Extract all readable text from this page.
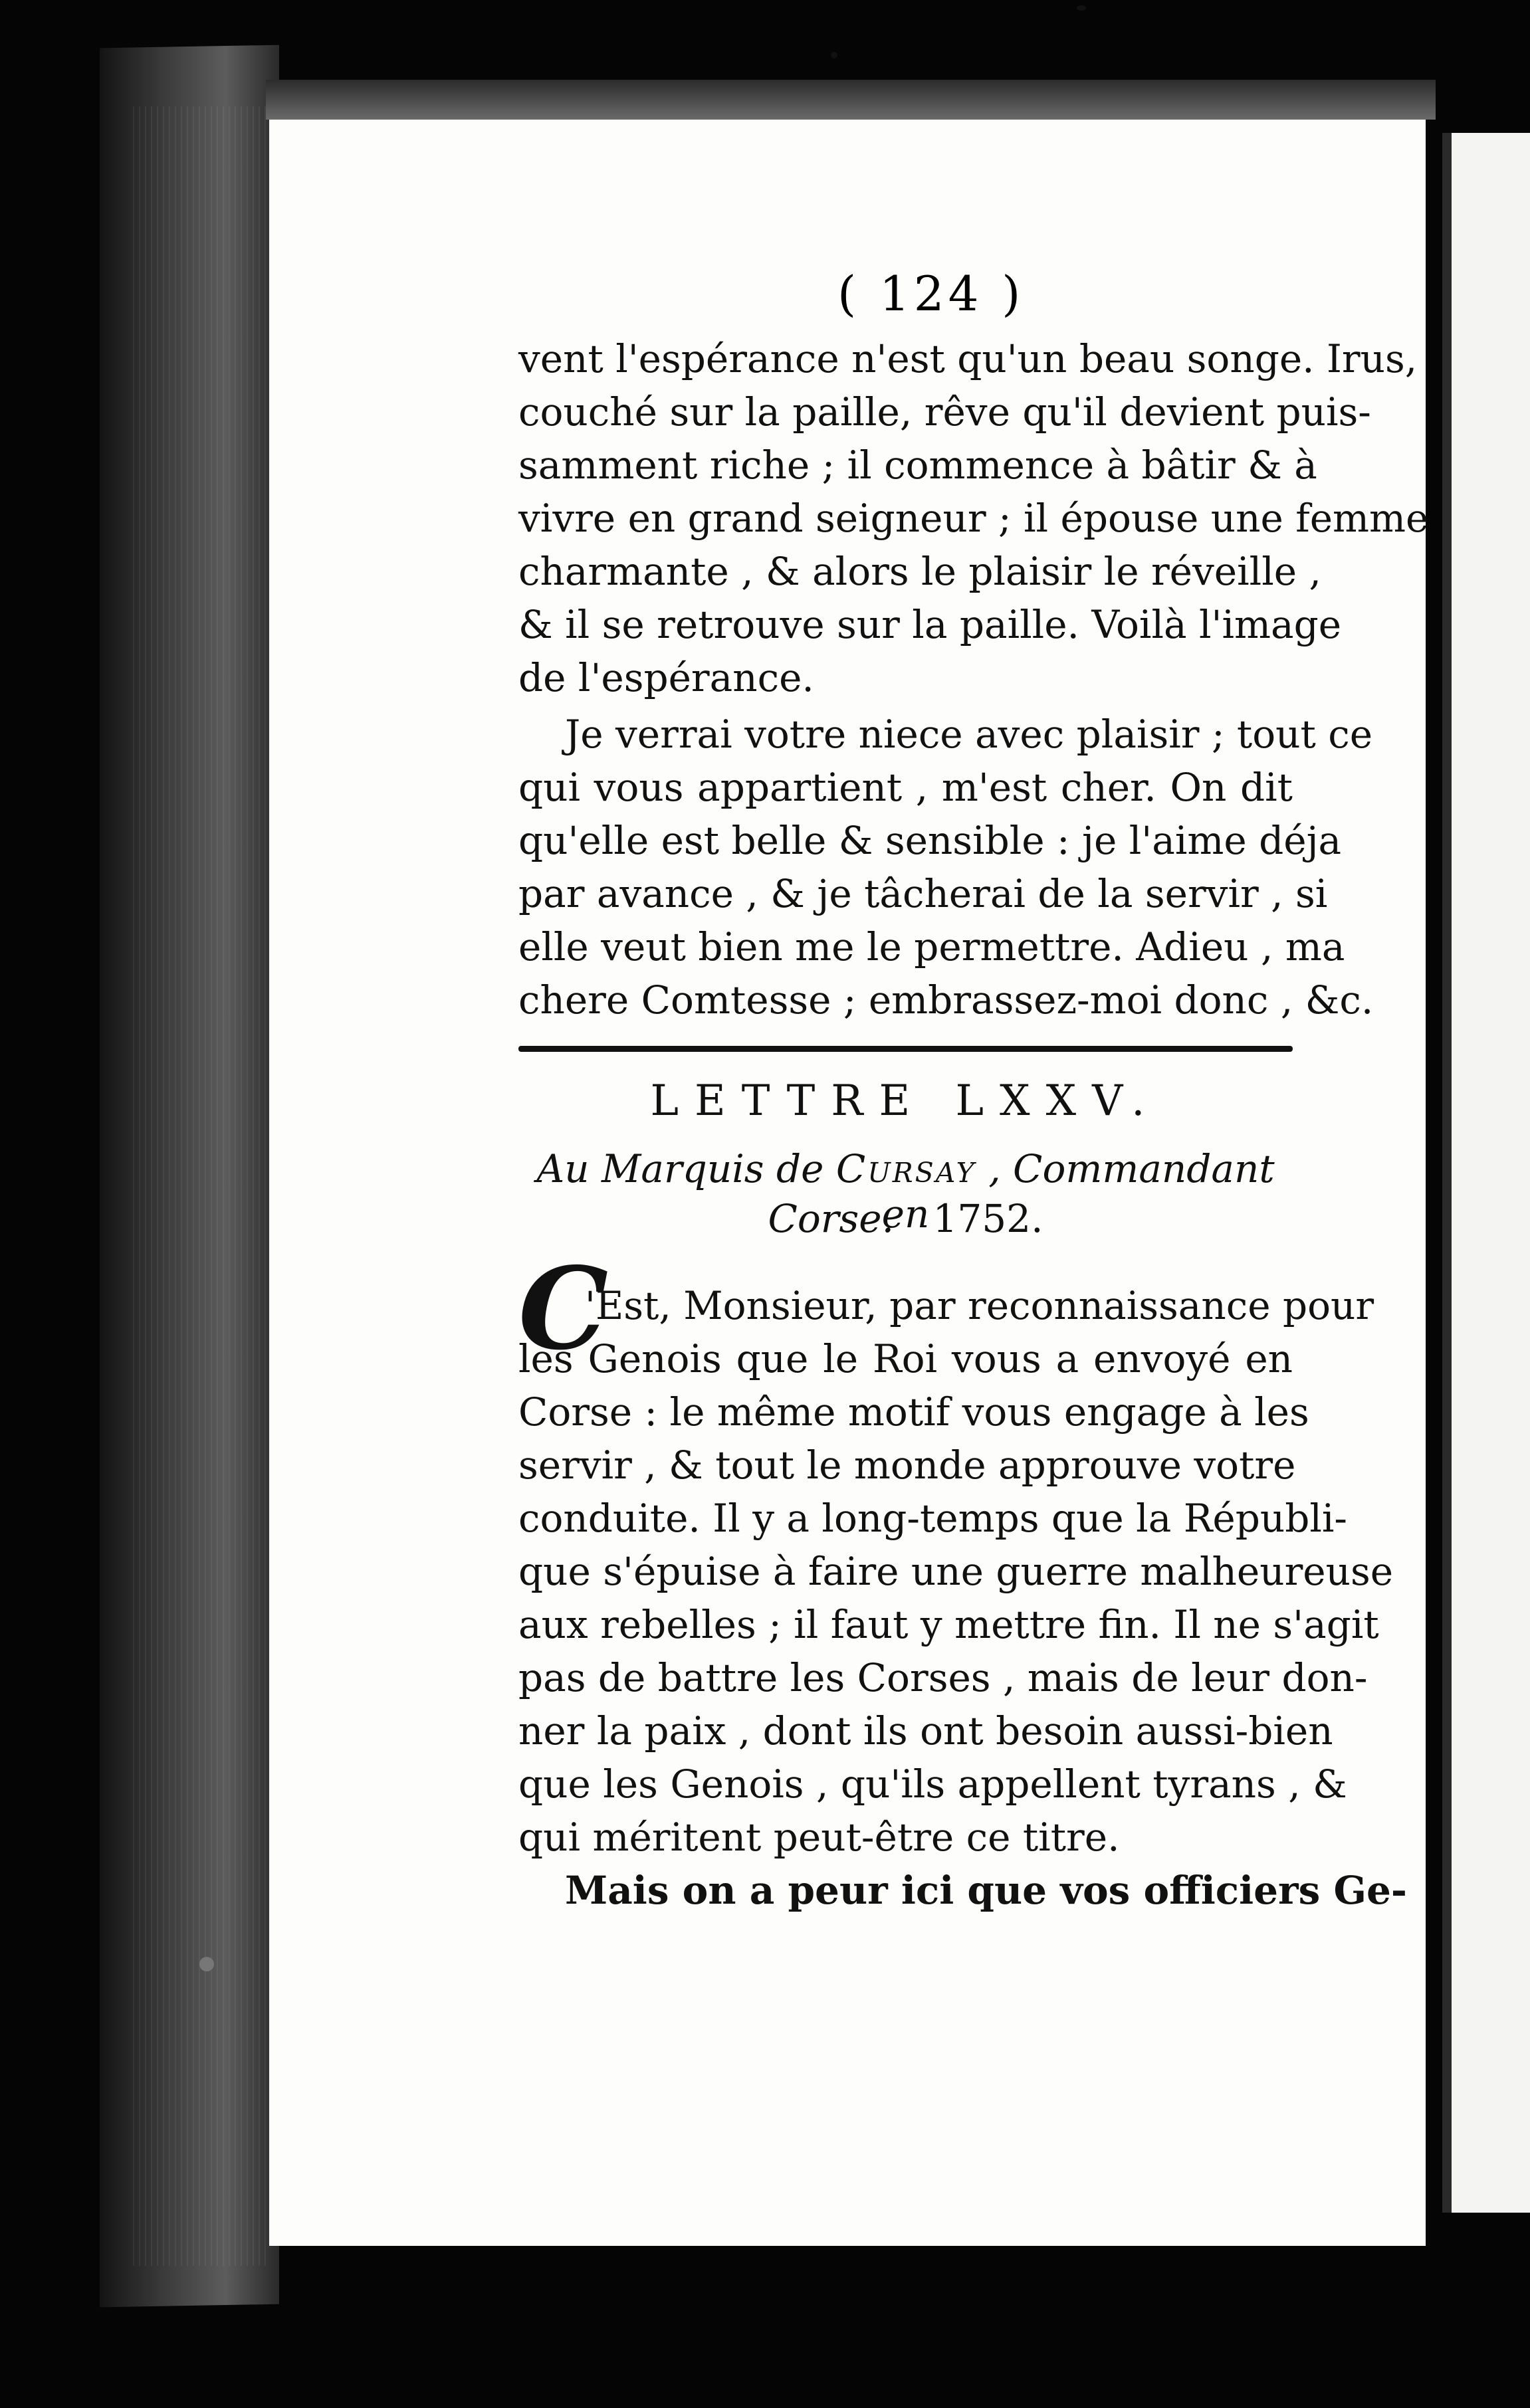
( 124 )
vent l'espérance n'est qu'un beau songe. Irus,
couché sur la paille, rêve qu'il devient puis-
samment riche ; il commence à bâtir & à
vivre en grand seigneur ; il épouse une femme
charmante , & alors le plaisir le réveille ,
& il se retrouve sur la paille. Voilà l'image
de l'espérance.
Je verrai votre niece avec plaisir ; tout ce
qui vous appartient , m'est cher. On dit
qu'elle est belle & sensible : je l'aime déja
par avance , & je tâcherai de la servir , si
elle veut bien me le permettre. Adieu , ma
chere Comtesse ; embrassez-moi donc , &c.
LETTRE LXXV.
Au Marquis de Cursay , Commandant en
Corse. 1752.
C
'Est, Monsieur, par reconnaissance pour
les Genois que le Roi vous a envoyé en
Corse : le même motif vous engage à les
servir , & tout le monde approuve votre
conduite. Il y a long-temps que la Républi-
que s'épuise à faire une guerre malheureuse
aux rebelles ; il faut y mettre fin. Il ne s'agit
pas de battre les Corses , mais de leur don-
ner la paix , dont ils ont besoin aussi-bien
que les Genois , qu'ils appellent tyrans , &
qui méritent peut-être ce titre.
Mais on a peur ici que vos officiers Ge-
